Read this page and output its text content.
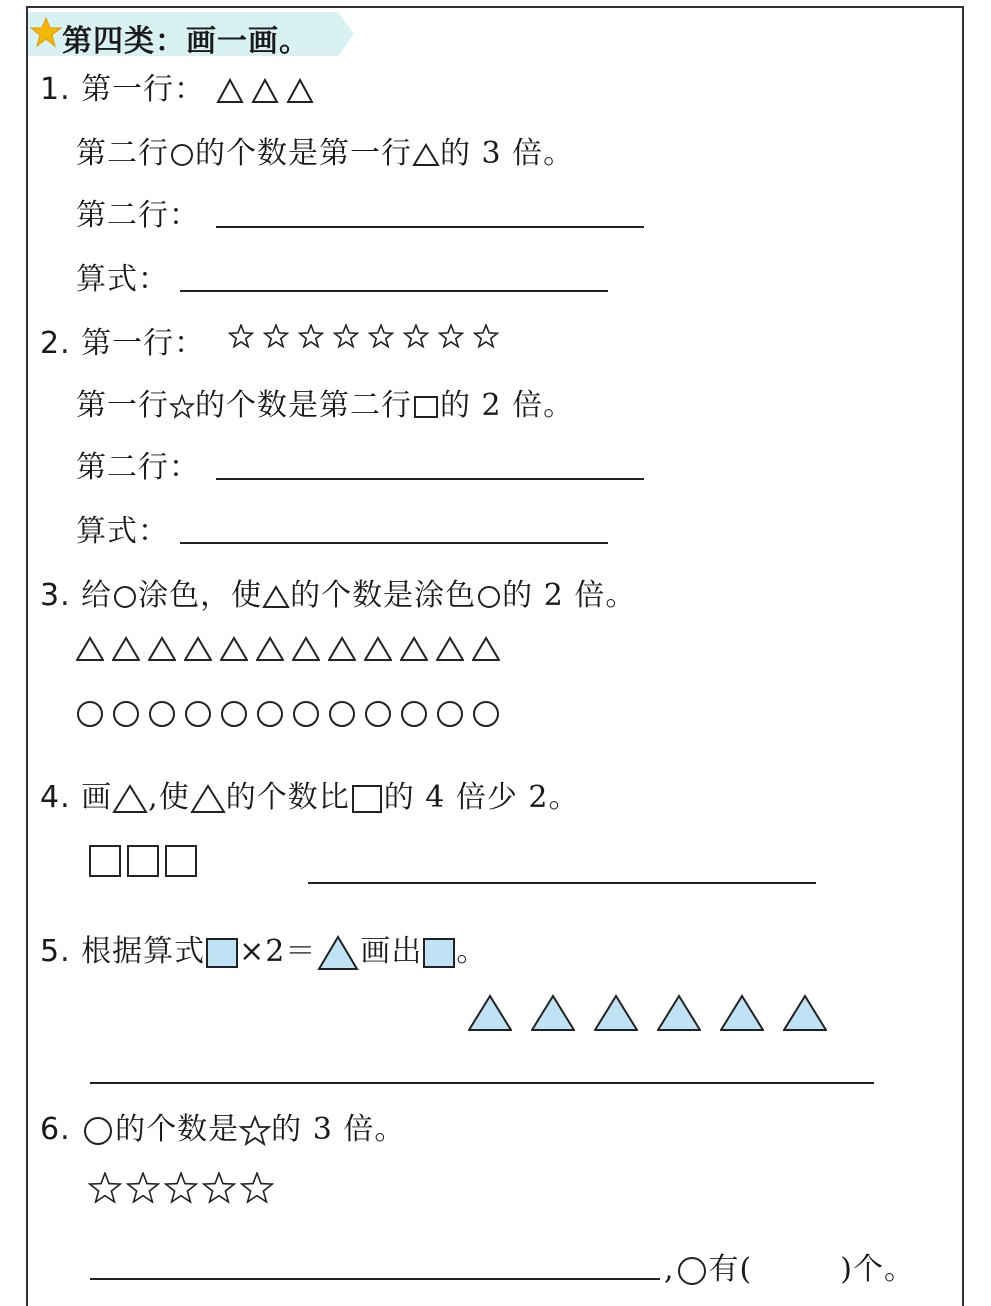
第四类：画一画。
1. 第一行：
第二行 的个数是第一行 的 3 倍。
第二行：
算式：
2. 第一行：
第一行 的个数是第二行 的 2 倍。
第二行：
算式：
3. 给 涂色，使 的个数是涂色 的 2 倍。
4. 画 ,使 的个数比 的 4 倍少 2。
5. 根据算式 ×2＝ 画出 。
6. 的个数是 的 3 倍。
, 有(	)个。
